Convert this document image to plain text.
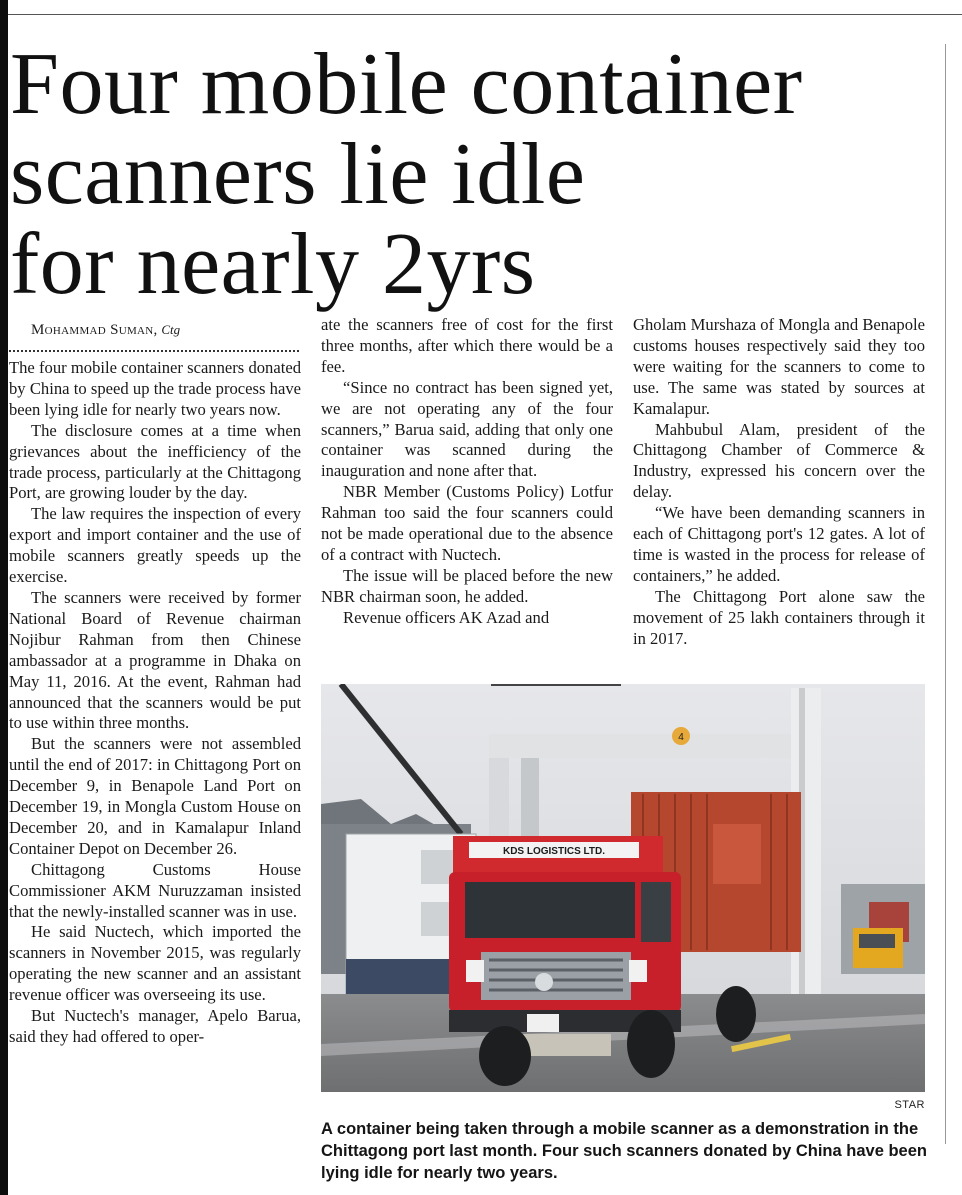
Four mobile container
scanners lie idle
for nearly 2yrs

Mohammad Suman, Ctg

The four mobile container scanners donated by China to speed up the trade process have been lying idle for nearly two years now.

The disclosure comes at a time when grievances about the inefficiency of the trade process, particularly at the Chittagong Port, are growing louder by the day.

The law requires the inspection of every export and import container and the use of mobile scanners greatly speeds up the exercise.

The scanners were received by former National Board of Revenue chairman Nojibur Rahman from then Chinese ambassador at a programme in Dhaka on May 11, 2016. At the event, Rahman had announced that the scanners would be put to use within three months.

But the scanners were not assembled until the end of 2017: in Chittagong Port on December 9, in Benapole Land Port on December 19, in Mongla Custom House on December 20, and in Kamalapur Inland Container Depot on December 26.

Chittagong Customs House Commissioner AKM Nuruzzaman insisted that the newly-installed scanner was in use.

He said Nuctech, which imported the scanners in November 2015, was regularly operating the new scanner and an assistant revenue officer was overseeing its use.

But Nuctech's manager, Apelo Barua, said they had offered to oper-

ate the scanners free of cost for the first three months, after which there would be a fee.

“Since no contract has been signed yet, we are not operating any of the four scanners,” Barua said, adding that only one container was scanned during the inauguration and none after that.

NBR Member (Customs Policy) Lotfur Rahman too said the four scanners could not be made operational due to the absence of a contract with Nuctech.

The issue will be placed before the new NBR chairman soon, he added.

Revenue officers AK Azad and

Gholam Murshaza of Mongla and Benapole customs houses respectively said they too were waiting for the scanners to come to use. The same was stated by sources at Kamalapur.

Mahbubul Alam, president of the Chittagong Chamber of Commerce & Industry, expressed his concern over the delay.

“We have been demanding scanners in each of Chittagong port's 12 gates. A lot of time is wasted in the process for release of containers,” he added.

The Chittagong Port alone saw the movement of 25 lakh containers through it in 2017.

4
KDS LOGISTICS LTD.
STAR

A container being taken through a mobile scanner as a demonstration in the Chittagong port last month. Four such scanners donated by China have been lying idle for nearly two years.
